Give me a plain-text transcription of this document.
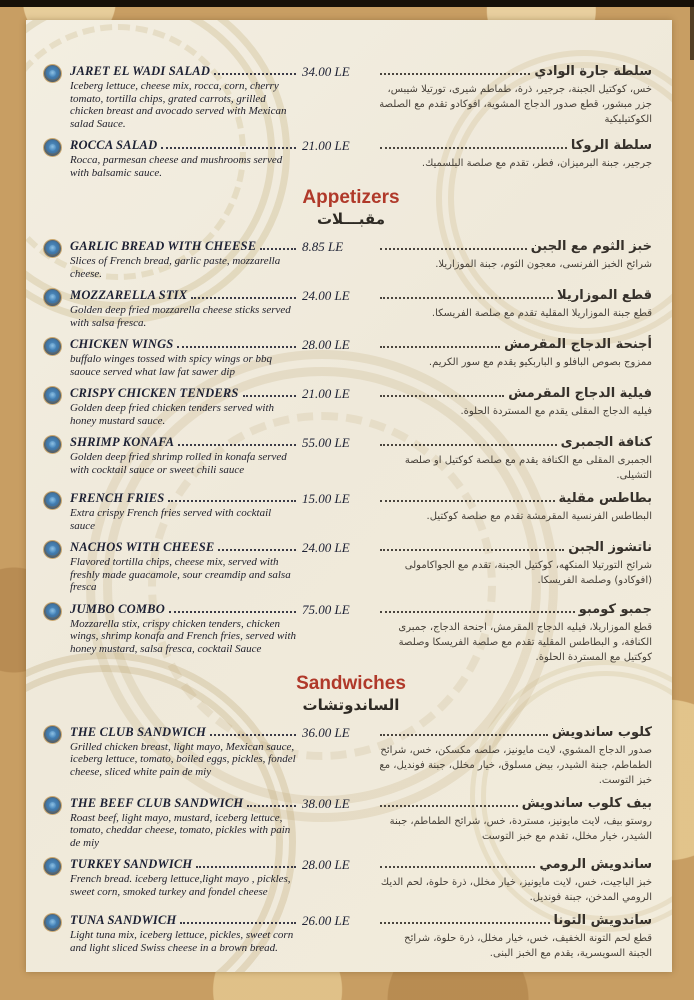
JARET EL WADI SALAD
Iceberg lettuce, cheese mix, rocca, corn, cherry tomato, tortilla chips, grated carrots, grilled chicken breast and avocado served with Mexican salad Sauce.
34.00 LE	سلطة جارة الوادي
خس، كوكتيل الجبنة، جرجير، ذرة، طماطم شيرى، تورتيلا شيبس، جزر مبشور، قطع صدور الدجاج المشوية، افوكادو تقدم مع الصلصة الكوكتيليكية
ROCCA SALAD
Rocca, parmesan cheese and mushrooms served with balsamic sauce.
21.00 LE	سلطة الروكا
جرجير، جبنة البرميزان، فطر، تقدم مع صلصة البلسميك.
Appetizers
مقبـــلات
GARLIC BREAD WITH CHEESE
Slices of French bread, garlic paste, mozzarella cheese.
8.85 LE	خبز الثوم مع الجبن
شرائح الخبز الفرنسى، معجون الثوم، جبنة الموزاريلا.
MOZZARELLA STIX
Golden deep fried mozzarella cheese sticks served with salsa fresca.
24.00 LE	قطع الموزاريلا
قطع جبنة الموزاريلا المقلية تقدم مع صلصة الفريسكا.
CHICKEN WINGS
buffalo winges tossed with spicy wings or bbq saouce served what law fat sawer dip
28.00 LE	أجنحة الدجاج المقرمش
ممزوج بصوص البافلو و الباربكيو يقدم مع سور الكريم.
CRISPY CHICKEN TENDERS
Golden deep fried chicken tenders served with honey mustard sauce.
21.00 LE	فيلية الدجاج المقرمش
فيليه الدجاج المقلى يقدم مع المستردة الحلوة.
SHRIMP KONAFA
Golden deep fried shrimp rolled in konafa served with cocktail sauce or sweet chili sauce
55.00 LE	كنافة الجمبرى
الجمبرى المقلى مع الكنافة يقدم مع صلصة كوكتيل او صلصة التشيلى.
FRENCH FRIES
Extra crispy French fries served with cocktail sauce
15.00 LE	بطاطس مقلية
البطاطس الفرنسية المقرمشة تقدم مع صلصة كوكتيل.
NACHOS WITH CHEESE
Flavored tortilla chips, cheese mix, served with freshly made guacamole, sour creamdip and salsa fresca
24.00 LE	ناتشوز الجبن
شرائح التورتيلا المنكهه، كوكتيل الجبنة، تقدم مع الجواكامولى (افوكادو) وصلصة الفريسكا.
JUMBO COMBO
Mozzarella stix, crispy chicken tenders, chicken wings, shrimp konafa and French fries, served with honey mustard, salsa fresca, cocktail Sauce
75.00 LE	جمبو كومبو
قطع الموزاريلا، فيليه الدجاج المقرمش، اجنحة الدجاج، جمبرى الكنافة، و البطاطس المقلية تقدم مع صلصة الفريسكا وصلصة كوكتيل مع المستردة الحلوة.
Sandwiches
الساندوتشات
THE CLUB SANDWICH
Grilled chicken breast, light mayo, Mexican sauce, iceberg lettuce, tomato, boiled eggs, pickles, fondel cheese, sliced white pain de miy
36.00 LE	كلوب ساندويش
صدور الدجاج المشوي، لايت مايونيز، صلصه مكسكن، خس، شرائح الطماطم، جبنة الشيدر، بيض مسلوق، خيار مخلل، جبنة فونديل، مع خبز التوست.
THE BEEF CLUB SANDWICH
Roast beef, light mayo, mustard, iceberg lettuce, tomato, cheddar cheese, tomato, pickles with pain de miy
38.00 LE	بيف كلوب ساندويش
روستو بيف، لايت مايونيز، مستردة، خس، شرائح الطماطم، جبنة الشيدر، خيار مخلل، تقدم مع خبز التوست
TURKEY SANDWICH
French bread. iceberg lettuce,light mayo , pickles, sweet corn, smoked turkey and fondel cheese
28.00 LE	ساندويش الرومي
خبز الباجيت، خس، لايت مايونيز، خيار مخلل، ذرة حلوة، لحم الديك الرومي المدخن، جبنة فونديل.
TUNA SANDWICH
Light tuna mix, iceberg lettuce, pickles, sweet corn and light sliced Swiss cheese in a brown bread.
26.00 LE	ساندويش التونا
قطع لحم التونة الخفيف، خس، خيار مخلل، ذرة حلوة، شرائح الجبنة السويسرية، يقدم مع الخبز البنى.
